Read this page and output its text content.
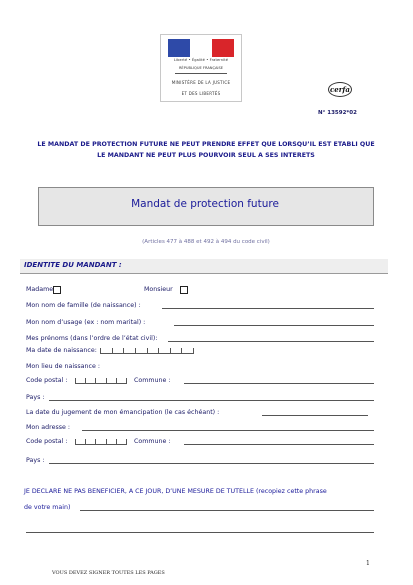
Liberté • Égalité • Fraternité
RÉPUBLIQUE FRANÇAISE
MINISTÈRE DE LA JUSTICE
ET DES LIBERTÉS	cerfa
N° 13592*02
LE MANDAT DE PROTECTION FUTURE NE PEUT PRENDRE EFFET QUE LORSQU’IL EST ETABLI QUE
LE MANDANT NE PEUT PLUS POURVOIR SEUL A SES INTERETS
Mandat de protection future
(Articles 477 à 488 et 492 à 494 du code civil)
IDENTITE DU MANDANT :
Madame	Monsieur
Mon nom de famille (de naissance) :
Mon nom d’usage (ex : nom marital) :
Mes prénoms (dans l’ordre de l’état civil):
Ma date de naissance:
Mon lieu de naissance :
Code postal :	Commune :
Pays :
La date du jugement de mon émancipation (le cas échéant) :
Mon adresse :
Code postal :	Commune :
Pays :
JE DECLARE NE PAS BENEFICIER, A CE JOUR, D’UNE MESURE DE TUTELLE (recopiez cette phrase
de votre main)
1
VOUS DEVEZ SIGNER TOUTES LES PAGES
